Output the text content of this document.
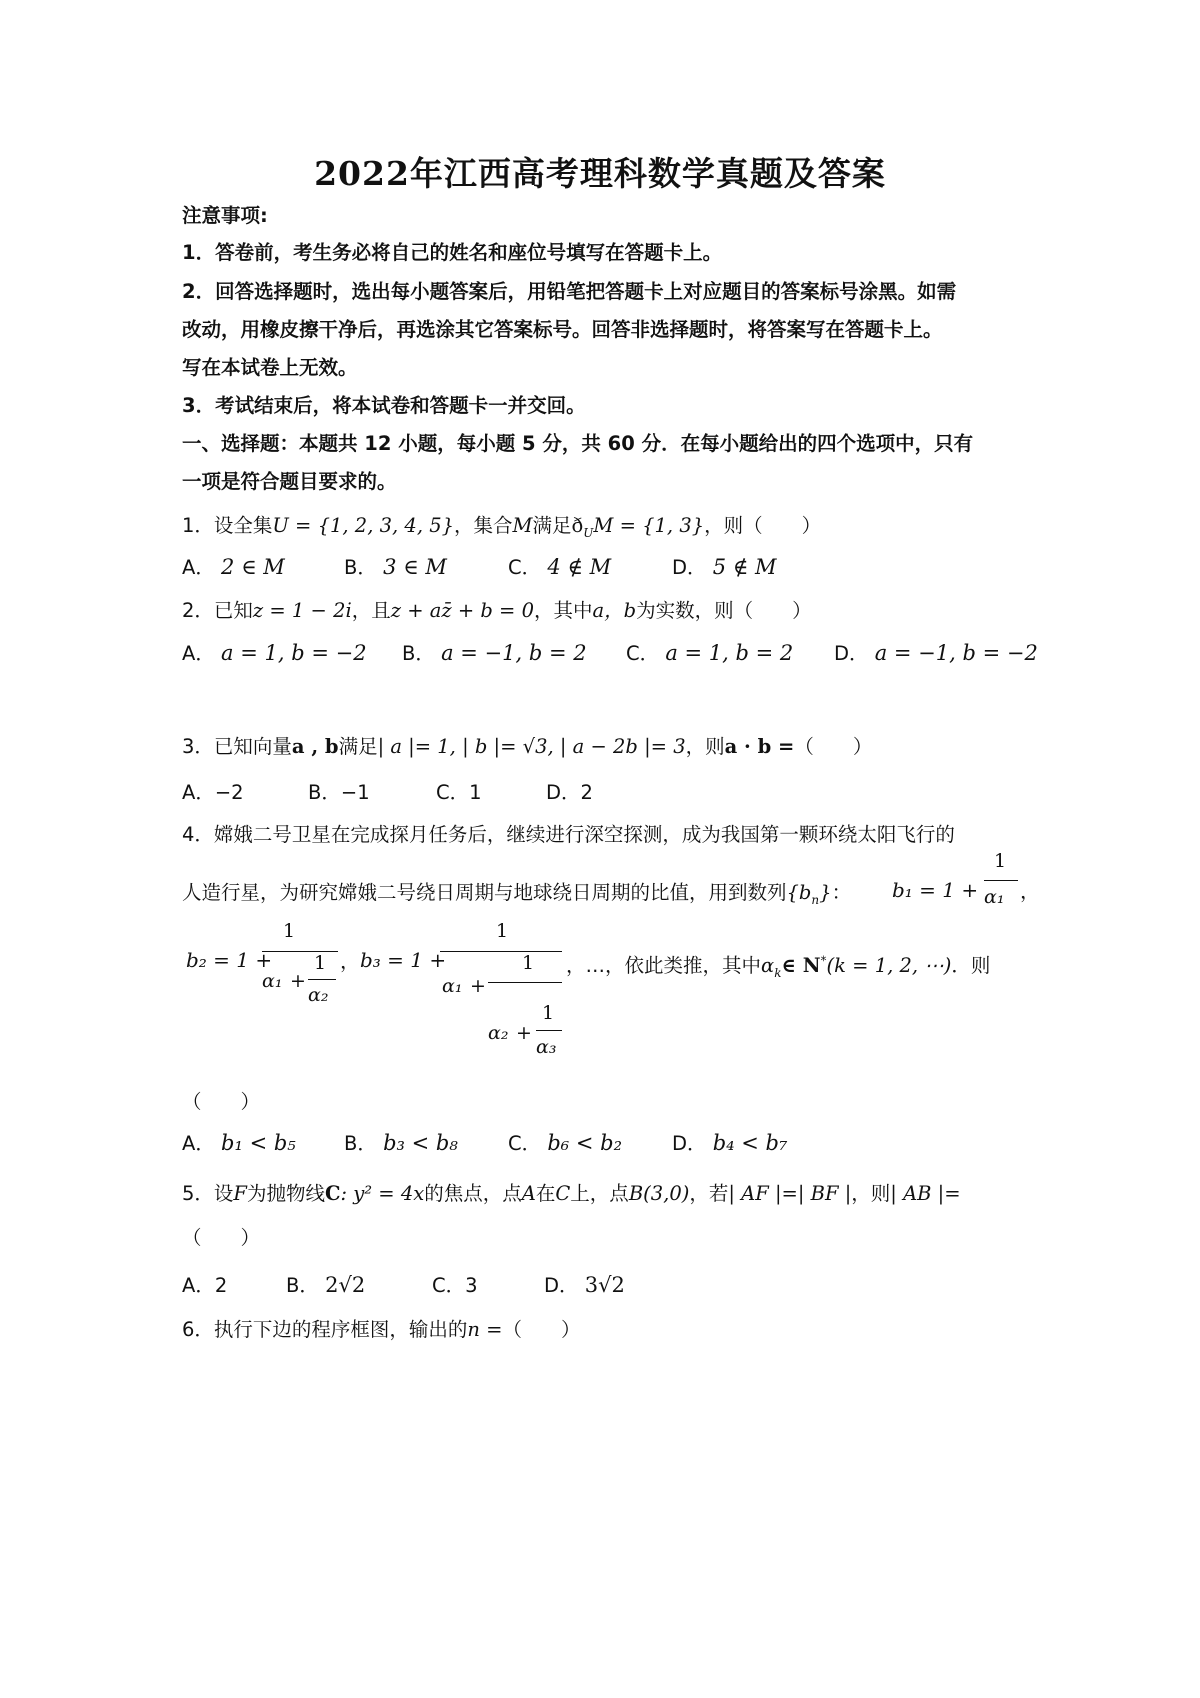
2022年江西高考理科数学真题及答案
注意事项:
1．答卷前，考生务必将自己的姓名和座位号填写在答题卡上。
2．回答选择题时，选出每小题答案后，用铅笔把答题卡上对应题目的答案标号涂黑。如需
改动，用橡皮擦干净后，再选涂其它答案标号。回答非选择题时，将答案写在答题卡上。
写在本试卷上无效。
3．考试结束后，将本试卷和答题卡一并交回。
一、选择题：本题共 12 小题，每小题 5 分，共 60 分．在每小题给出的四个选项中，只有
一项是符合题目要求的。
1．设全集U = {1, 2, 3, 4, 5}，集合M满足$ð_UM = \{1$, 3}，则（　　）
A． 2 ∈ M	B． 3 ∈ M	C． 4 ∉ M	D． 5 ∉ M
2．已知z = 1 − 2i，且z + az̄ + b = 0，其中a，b为实数，则（　　）
A． a = 1, b = −2 B． a = −1, b = 2 C． a = 1, b = 2 D． a = −1, b = −2
3．已知向量a , b满足| a |= 1, | b |= √3, | a − 2b |= 3，则a · b =（　　）
A．−2	B．−1	C．1	D．2
4．嫦娥二号卫星在完成探月任务后，继续进行深空探测，成为我国第一颗环绕太阳飞行的
人造行星，为研究嫦娥二号绕日周期与地球绕日周期的比值，用到数列$\{b_n\}$： b₁ = 1 +
1
α₁ ，
b₂ = 1 +
1
α₁ +
1
α₂
， b₃ = 1 +
1
α₁ +
1
α₂ +
1
α₃
，…，依此类推，其中$\alpha_k\in$ N*(k = 1, 2, ⋯)．则
（　　）
A． b₁ < b₅ B． b₃ < b₈	C． b₆ < b₂	D． b₄ < b₇
5．设F为抛物线C: y² = 4x的焦点，点A在C上，点B(3,0)，若| AF |=| BF |，则| AB |=
（　　）
A．2	B． 2√2	C．3	D． 3√2
6．执行下边的程序框图，输出的n =（　　）
